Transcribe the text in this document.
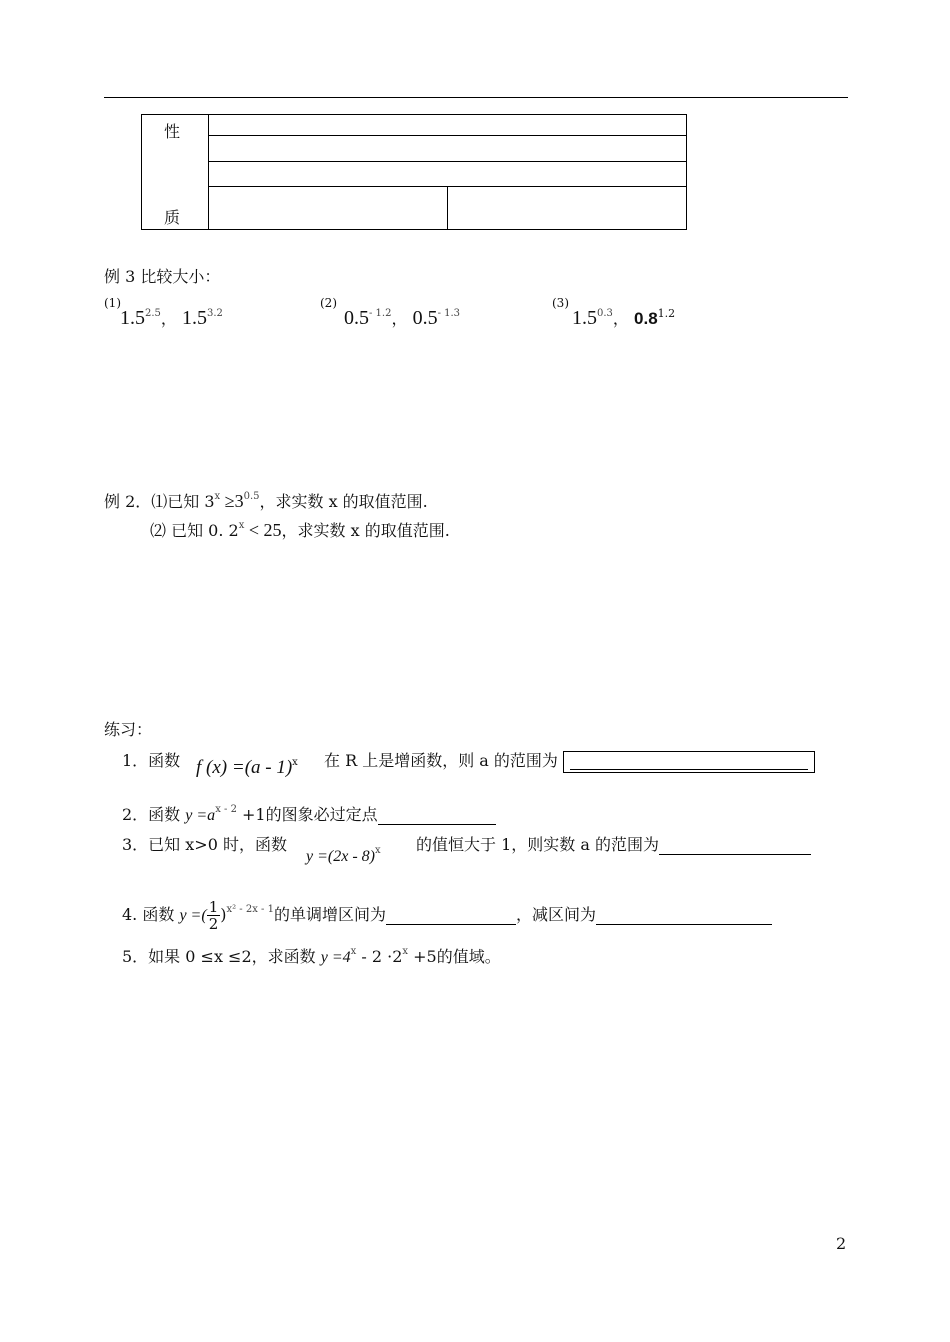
性
质		

例 3 比较大小：
(1)
$1.5^{2.5}$， $1.5^{3.2}$
(2)
$0.5^{- 1.2}$， $0.5^{- 1.3}$
(3)
$1.5^{0.3}$， $0.8^{1.2}$
例 2．⑴已知 $3^x \ge 3^{0.5}$，求实数 x 的取值范围.
⑵ 已知 0. $2^x < 25$，求实数 x 的取值范围.
练习：
1．函数 f (x) =(a - 1)$^x$ 在 R 上是增函数，则 a 的范围为
2．函数 $y =a^{x - 2} +1$的图象必过定点
3．已知 x>0 时，函数
y =(2x - 8)$^x$ 的值恒大于 1，则实数 a 的范围为
4. 函数 y =( $\frac{1}{2} )^{x^2 - 2x - 1}$的单调增区间为	，减区间为
5．如果 0 ≤x ≤2，求函数 $y =4^x - 2 \cdot 2^x +5$的值域。
2
